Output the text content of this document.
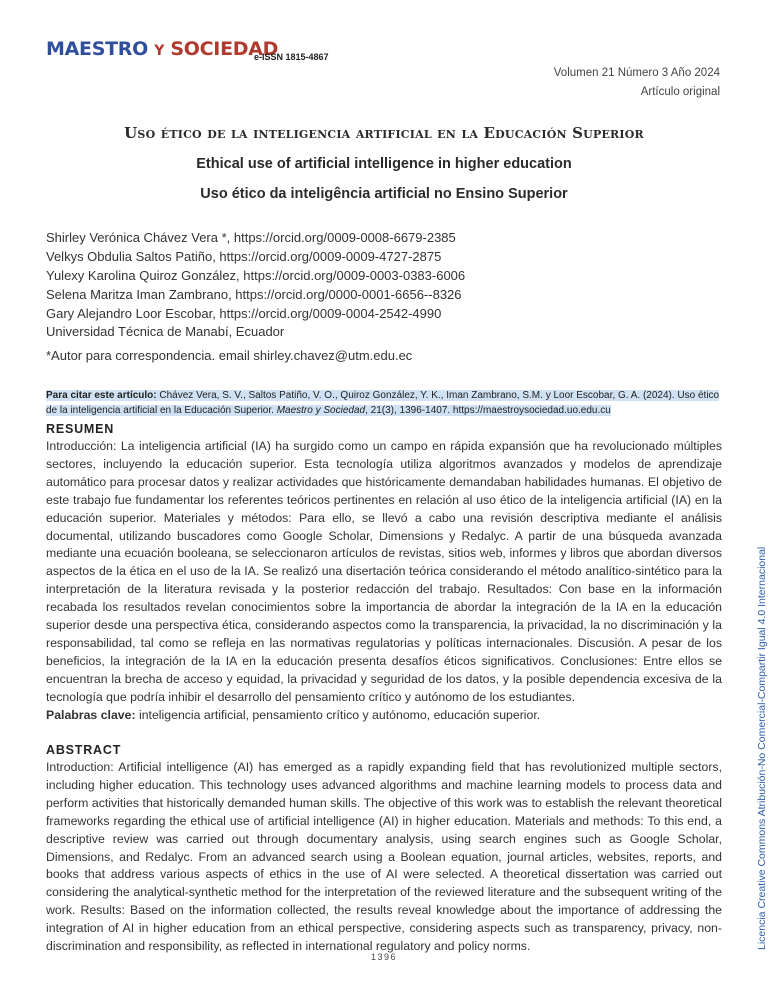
MAESTRO Y SOCIEDAD
e-ISSN 1815-4867
Volumen 21 Número 3 Año 2024
Artículo original
Uso ético de la inteligencia artificial en la Educación Superior
Ethical use of artificial intelligence in higher education
Uso ético da inteligência artificial no Ensino Superior
Shirley Verónica Chávez Vera *, https://orcid.org/0009-0008-6679-2385
Velkys Obdulia Saltos Patiño, https://orcid.org/0009-0009-4727-2875
Yulexy Karolina Quiroz González, https://orcid.org/0009-0003-0383-6006
Selena Maritza Iman Zambrano, https://orcid.org/0000-0001-6656--8326
Gary Alejandro Loor Escobar, https://orcid.org/0009-0004-2542-4990
Universidad Técnica de Manabí, Ecuador
*Autor para correspondencia. email shirley.chavez@utm.edu.ec
Para citar este artículo: Chávez Vera, S. V., Saltos Patiño, V. O., Quiroz González, Y. K., Iman Zambrano, S.M. y Loor Escobar, G. A. (2024). Uso ético de la inteligencia artificial en la Educación Superior. Maestro y Sociedad, 21(3), 1396-1407. https://maestroysociedad.uo.edu.cu
RESUMEN
Introducción: La inteligencia artificial (IA) ha surgido como un campo en rápida expansión que ha revolucionado múltiples sectores, incluyendo la educación superior. Esta tecnología utiliza algoritmos avanzados y modelos de aprendizaje automático para procesar datos y realizar actividades que históricamente demandaban habilidades humanas. El objetivo de este trabajo fue fundamentar los referentes teóricos pertinentes en relación al uso ético de la inteligencia artificial (IA) en la educación superior. Materiales y métodos: Para ello, se llevó a cabo una revisión descriptiva mediante el análisis documental, utilizando buscadores como Google Scholar, Dimensions y Redalyc. A partir de una búsqueda avanzada mediante una ecuación booleana, se seleccionaron artículos de revistas, sitios web, informes y libros que abordan diversos aspectos de la ética en el uso de la IA. Se realizó una disertación teórica considerando el método analítico-sintético para la interpretación de la literatura revisada y la posterior redacción del trabajo. Resultados: Con base en la información recabada los resultados revelan conocimientos sobre la importancia de abordar la integración de la IA en la educación superior desde una perspectiva ética, considerando aspectos como la transparencia, la privacidad, la no discriminación y la responsabilidad, tal como se refleja en las normativas regulatorias y políticas internacionales. Discusión. A pesar de los beneficios, la integración de la IA en la educación presenta desafíos éticos significativos. Conclusiones: Entre ellos se encuentran la brecha de acceso y equidad, la privacidad y seguridad de los datos, y la posible dependencia excesiva de la tecnología que podría inhibir el desarrollo del pensamiento crítico y autónomo de los estudiantes.
Palabras clave: inteligencia artificial, pensamiento crítico y autónomo, educación superior.
ABSTRACT
Introduction: Artificial intelligence (AI) has emerged as a rapidly expanding field that has revolutionized multiple sectors, including higher education. This technology uses advanced algorithms and machine learning models to process data and perform activities that historically demanded human skills. The objective of this work was to establish the relevant theoretical frameworks regarding the ethical use of artificial intelligence (AI) in higher education. Materials and methods: To this end, a descriptive review was carried out through documentary analysis, using search engines such as Google Scholar, Dimensions, and Redalyc. From an advanced search using a Boolean equation, journal articles, websites, reports, and books that address various aspects of ethics in the use of AI were selected. A theoretical dissertation was carried out considering the analytical-synthetic method for the interpretation of the reviewed literature and the subsequent writing of the work. Results: Based on the information collected, the results reveal knowledge about the importance of addressing the integration of AI in higher education from an ethical perspective, considering aspects such as transparency, privacy, non-discrimination and responsibility, as reflected in international regulatory and policy norms.
1396
Licencia Creative Commons Atribución-No Comercial-Compartir Igual 4.0 Internacional
